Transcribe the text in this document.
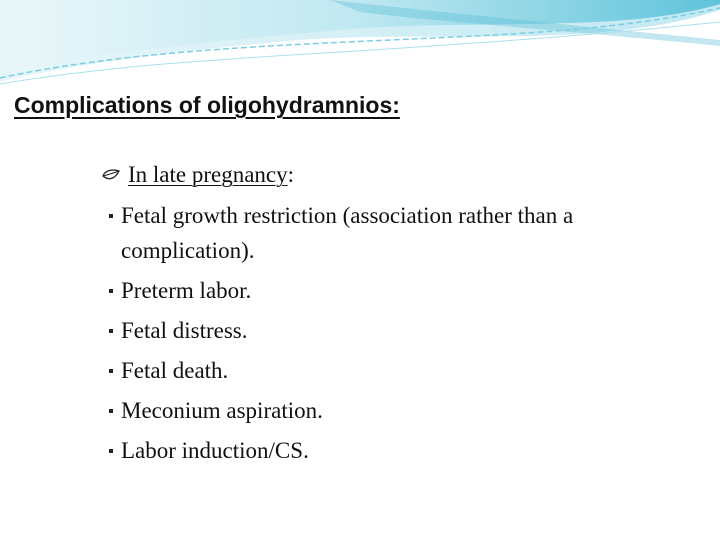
Complications of oligohydramnios:
In late pregnancy:
Fetal growth restriction (association rather than a complication).
Preterm labor.
Fetal distress.
Fetal death.
Meconium aspiration.
Labor induction/CS.
